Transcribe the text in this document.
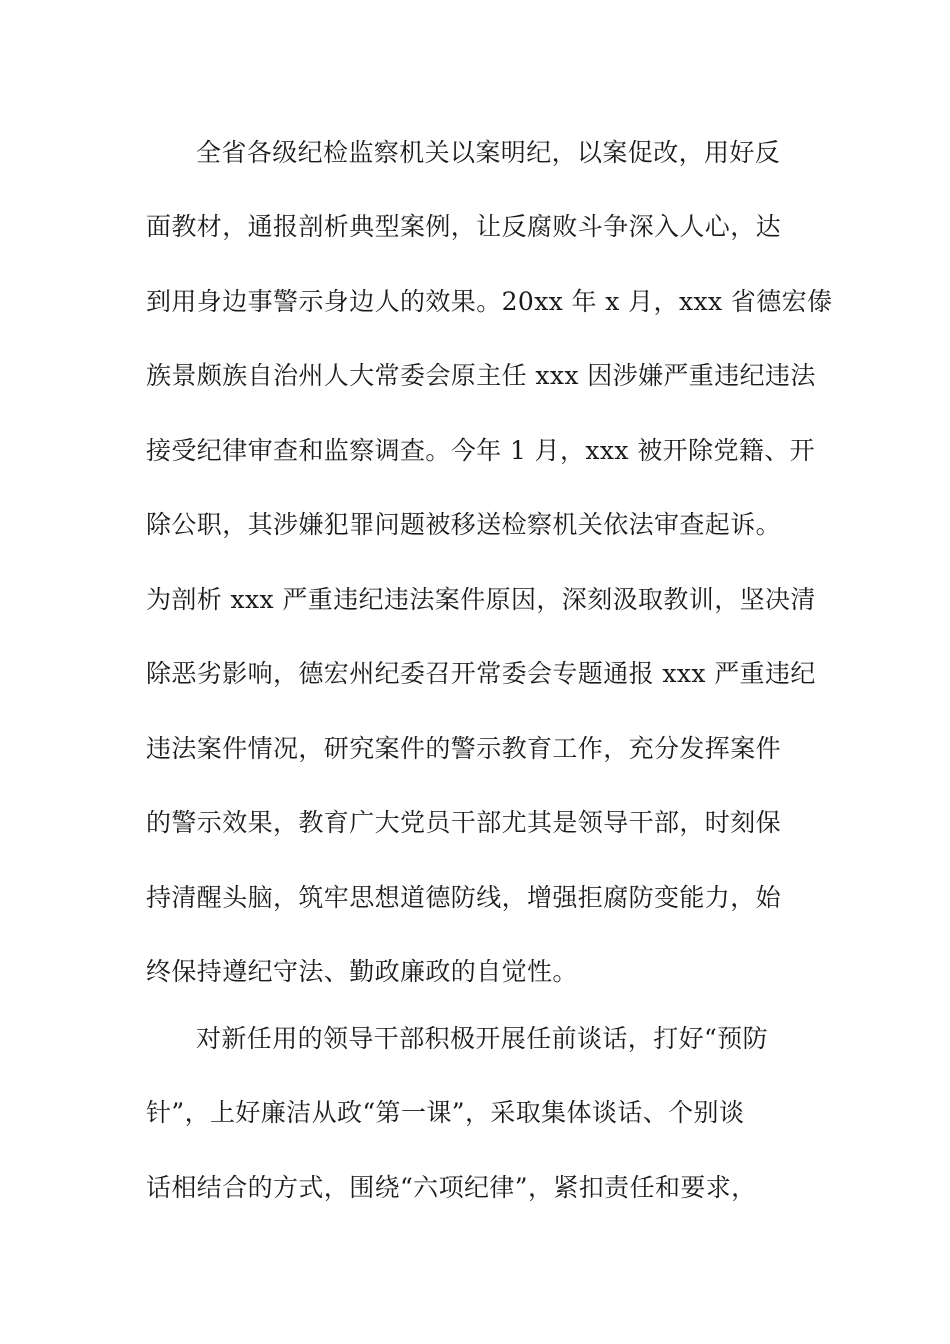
全省各级纪检监察机关以案明纪，以案促改，用好反
面教材，通报剖析典型案例，让反腐败斗争深入人心，达
到用身边事警示身边人的效果。20xx 年 x 月，xxx 省德宏傣
族景颇族自治州人大常委会原主任 xxx 因涉嫌严重违纪违法
接受纪律审查和监察调查。今年 1 月，xxx 被开除党籍、开
除公职，其涉嫌犯罪问题被移送检察机关依法审查起诉。
为剖析 xxx 严重违纪违法案件原因，深刻汲取教训，坚决清
除恶劣影响，德宏州纪委召开常委会专题通报 xxx 严重违纪
违法案件情况，研究案件的警示教育工作，充分发挥案件
的警示效果，教育广大党员干部尤其是领导干部，时刻保
持清醒头脑，筑牢思想道德防线，增强拒腐防变能力，始
终保持遵纪守法、勤政廉政的自觉性。
对新任用的领导干部积极开展任前谈话，打好“预防
针”，上好廉洁从政“第一课”，采取集体谈话、个别谈
话相结合的方式，围绕“六项纪律”，紧扣责任和要求，
